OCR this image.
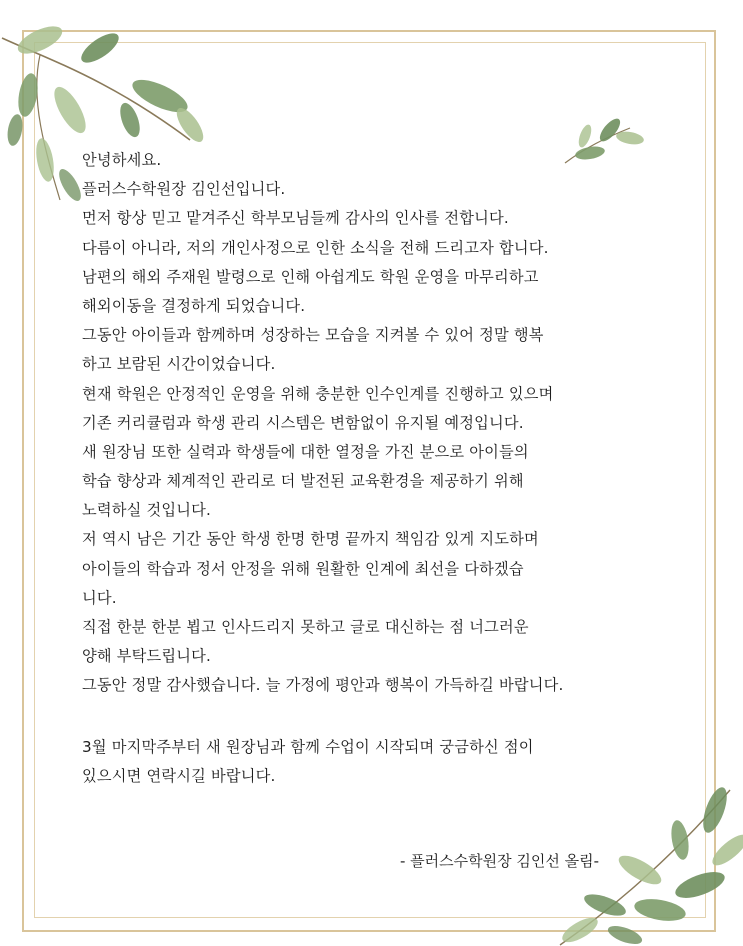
안녕하세요.
플러스수학원장 김인선입니다.
먼저 항상 믿고 맡겨주신 학부모님들께 감사의 인사를 전합니다.
다름이 아니라, 저의 개인사정으로 인한 소식을 전해 드리고자 합니다.
남편의 해외 주재원 발령으로 인해 아쉽게도 학원 운영을 마무리하고
해외이동을 결정하게 되었습니다.
그동안 아이들과 함께하며 성장하는 모습을 지켜볼 수 있어 정말 행복
하고 보람된 시간이었습니다.
현재 학원은 안정적인 운영을 위해 충분한 인수인계를 진행하고 있으며
기존 커리큘럼과 학생 관리 시스템은 변함없이 유지될 예정입니다.
새 원장님 또한 실력과 학생들에 대한 열정을 가진 분으로 아이들의
학습 향상과 체계적인 관리로 더 발전된 교육환경을 제공하기 위해
노력하실 것입니다.
저 역시 남은 기간 동안 학생 한명 한명 끝까지 책임감 있게 지도하며
아이들의 학습과 정서 안정을 위해 원활한 인계에 최선을 다하겠습
니다.
직접 한분 한분 뵙고 인사드리지 못하고 글로 대신하는 점 너그러운
양해 부탁드립니다.
그동안 정말 감사했습니다. 늘 가정에 평안과 행복이 가득하길 바랍니다.
3월 마지막주부터 새 원장님과 함께 수업이 시작되며 궁금하신 점이
있으시면 연락시길 바랍니다.
- 플러스수학원장 김인선 올림-
